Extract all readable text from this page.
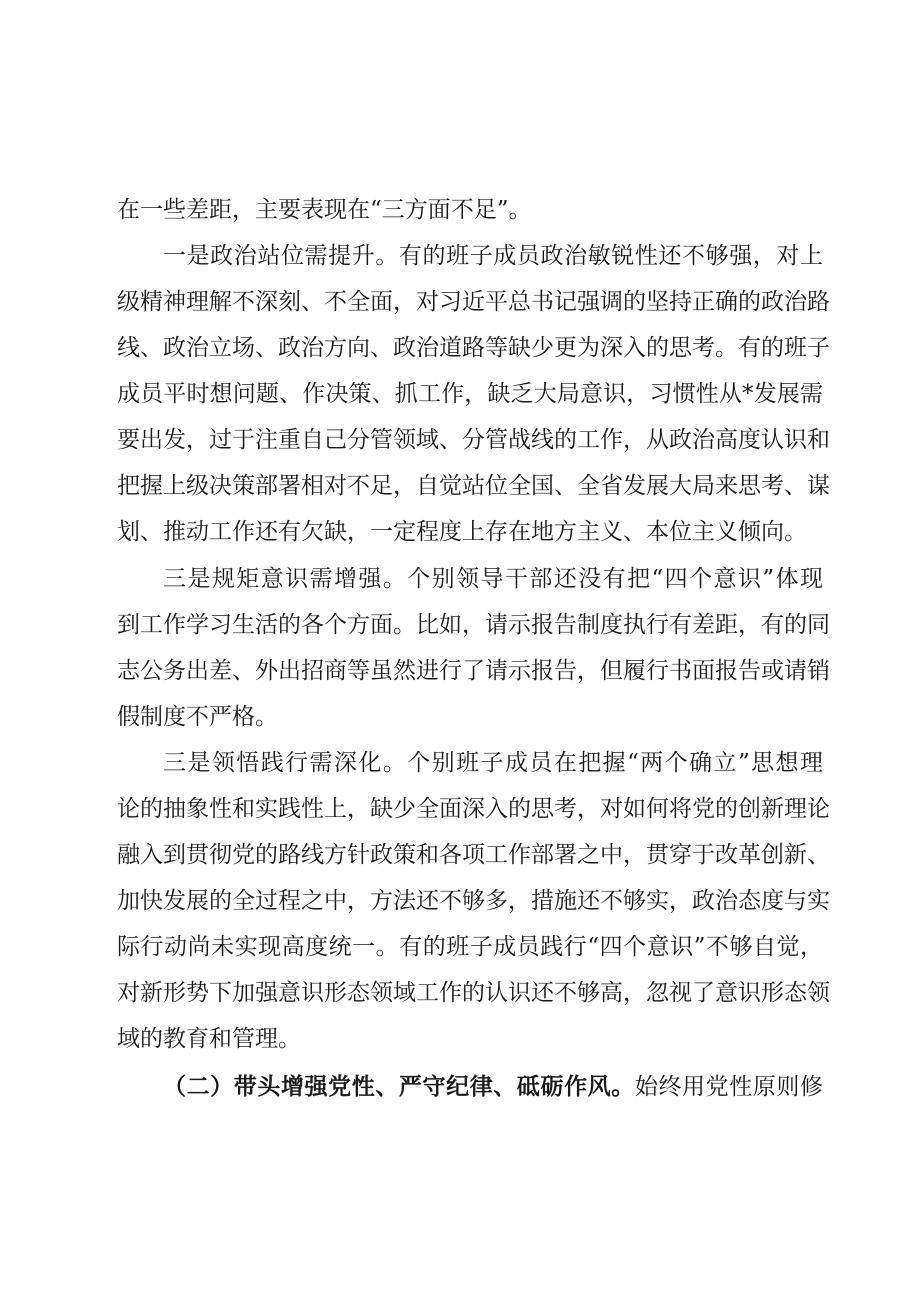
在一些差距，主要表现在“三方面不足”。
一是政治站位需提升。有的班子成员政治敏锐性还不够强，对上
级精神理解不深刻、不全面，对习近平总书记强调的坚持正确的政治路
线、政治立场、政治方向、政治道路等缺少更为深入的思考。有的班子
成员平时想问题、作决策、抓工作，缺乏大局意识，习惯性从*发展需
要出发，过于注重自己分管领域、分管战线的工作，从政治高度认识和
把握上级决策部署相对不足，自觉站位全国、全省发展大局来思考、谋
划、推动工作还有欠缺，一定程度上存在地方主义、本位主义倾向。
三是规矩意识需增强。个别领导干部还没有把“四个意识”体现
到工作学习生活的各个方面。比如，请示报告制度执行有差距，有的同
志公务出差、外出招商等虽然进行了请示报告，但履行书面报告或请销
假制度不严格。
三是领悟践行需深化。个别班子成员在把握“两个确立”思想理
论的抽象性和实践性上，缺少全面深入的思考，对如何将党的创新理论
融入到贯彻党的路线方针政策和各项工作部署之中，贯穿于改革创新、
加快发展的全过程之中，方法还不够多，措施还不够实，政治态度与实
际行动尚未实现高度统一。有的班子成员践行“四个意识”不够自觉，
对新形势下加强意识形态领域工作的认识还不够高，忽视了意识形态领
域的教育和管理。
（二）带头增强党性、严守纪律、砥砺作风。始终用党性原则修
